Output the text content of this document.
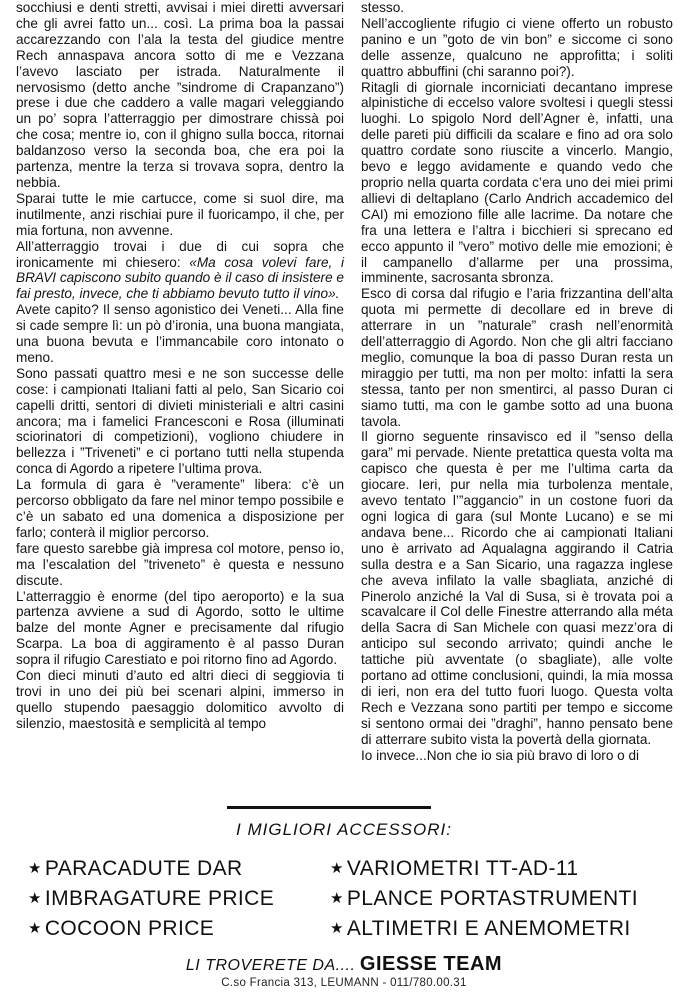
socchiusi e denti stretti, avvisai i miei diretti avversari che gli avrei fatto un... così. La prima boa la passai accarezzando con l’ala la testa del giudice mentre Rech annaspava ancora sotto di me e Vezzana l’avevo lasciato per istrada. Naturalmente il nervosismo (detto anche ”sindrome di Crapanzano”) prese i due che caddero a valle magari veleggiando un po’ sopra l’atterraggio per dimostrare chissà poi che cosa; mentre io, con il ghigno sulla bocca, ritornai baldanzoso verso la seconda boa, che era poi la partenza, mentre la terza si trovava sopra, dentro la nebbia.

Sparai tutte le mie cartucce, come si suol dire, ma inutilmente, anzi rischiai pure il fuoricampo, il che, per mia fortuna, non avvenne.

All’atterraggio trovai i due di cui sopra che ironicamente mi chiesero: «Ma cosa volevi fare, i BRAVI capiscono subito quando è il caso di insistere e fai presto, invece, che ti abbiamo bevuto tutto il vino».

Avete capito? Il senso agonistico dei Veneti... Alla fine si cade sempre lì: un pò d’ironia, una buona mangiata, una buona bevuta e l’immancabile coro intonato o meno.

Sono passati quattro mesi e ne son successe delle cose: i campionati Italiani fatti al pelo, San Sicario coi capelli dritti, sentori di divieti ministeriali e altri casini ancora; ma i famelici Francesconi e Rosa (illuminati sciorinatori di competizioni), vogliono chiudere in bellezza i ”Triveneti” e ci portano tutti nella stupenda conca di Agordo a ripetere l’ultima prova.

La formula di gara è ”veramente” libera: c’è un percorso obbligato da fare nel minor tempo possibile e c’è un sabato ed una domenica a disposizione per farlo; conterà il miglior percorso.

fare questo sarebbe già impresa col motore, penso io, ma l’escalation del ”triveneto” è questa e nessuno discute.

L’atterraggio è enorme (del tipo aeroporto) e la sua partenza avviene a sud di Agordo, sotto le ultime balze del monte Agner e precisamente dal rifugio Scarpa. La boa di aggiramento è al passo Duran sopra il rifugio Carestiato e poi ritorno fino ad Agordo.

Con dieci minuti d’auto ed altri dieci di seggiovia ti trovi in uno dei più bei scenari alpini, immerso in quello stupendo paesaggio dolomitico avvolto di silenzio, maestosità e semplicità al tempo

stesso.

Nell’accogliente rifugio ci viene offerto un robusto panino e un ”goto de vin bon” e siccome ci sono delle assenze, qualcuno ne approfitta; i soliti quattro abbuffini (chi saranno poi?).

Ritagli di giornale incorniciati decantano imprese alpinistiche di eccelso valore svoltesi i quegli stessi luoghi. Lo spigolo Nord dell’Agner è, infatti, una delle pareti più difficili da scalare e fino ad ora solo quattro cordate sono riuscite a vincerlo. Mangio, bevo e leggo avidamente e quando vedo che proprio nella quarta cordata c’era uno dei miei primi allievi di deltaplano (Carlo Andrich accademico del CAI) mi emoziono fille alle lacrime. Da notare che fra una lettera e l’altra i bicchieri si sprecano ed ecco appunto il ”vero” motivo delle mie emozioni; è il campanello d’allarme per una prossima, imminente, sacrosanta sbronza.

Esco di corsa dal rifugio e l’aria frizzantina dell’alta quota mi permette di decollare ed in breve di atterrare in un ”naturale” crash nell’enormità dell’atterraggio di Agordo. Non che gli altri facciano meglio, comunque la boa di passo Duran resta un miraggio per tutti, ma non per molto: infatti la sera stessa, tanto per non smentirci, al passo Duran ci siamo tutti, ma con le gambe sotto ad una buona tavola.

Il giorno seguente rinsavisco ed il ”senso della gara” mi pervade. Niente pretattica questa volta ma capisco che questa è per me l’ultima carta da giocare. Ieri, pur nella mia turbolenza mentale, avevo tentato l’”aggancio” in un costone fuori da ogni logica di gara (sul Monte Lucano) e se mi andava bene... Ricordo che ai campionati Italiani uno è arrivato ad Aqualagna aggirando il Catria sulla destra e a San Sicario, una ragazza inglese che aveva infilato la valle sbagliata, anziché di Pinerolo anziché la Val di Susa, si è trovata poi a scavalcare il Col delle Finestre atterrando alla méta della Sacra di San Michele con quasi mezz’ora di anticipo sul secondo arrivato; quindi anche le tattiche più avventate (o sbagliate), alle volte portano ad ottime conclusioni, quindi, la mia mossa di ieri, non era del tutto fuori luogo. Questa volta Rech e Vezzana sono partiti per tempo e siccome si sentono ormai dei ”draghi”, hanno pensato bene di atterrare subito vista la povertà della giornata.

Io invece...Non che io sia più bravo di loro o di

I MIGLIORI ACCESSORI:
★ PARACADUTE DAR
★ IMBRAGATURE PRICE
★ COCOON PRICE
★ VARIOMETRI TT-AD-11
★ PLANCE PORTASTRUMENTI
★ ALTIMETRI E ANEMOMETRI
LI TROVERETE DA.... GIESSE TEAM
C.so Francia 313, LEUMANN - 011/780.00.31
